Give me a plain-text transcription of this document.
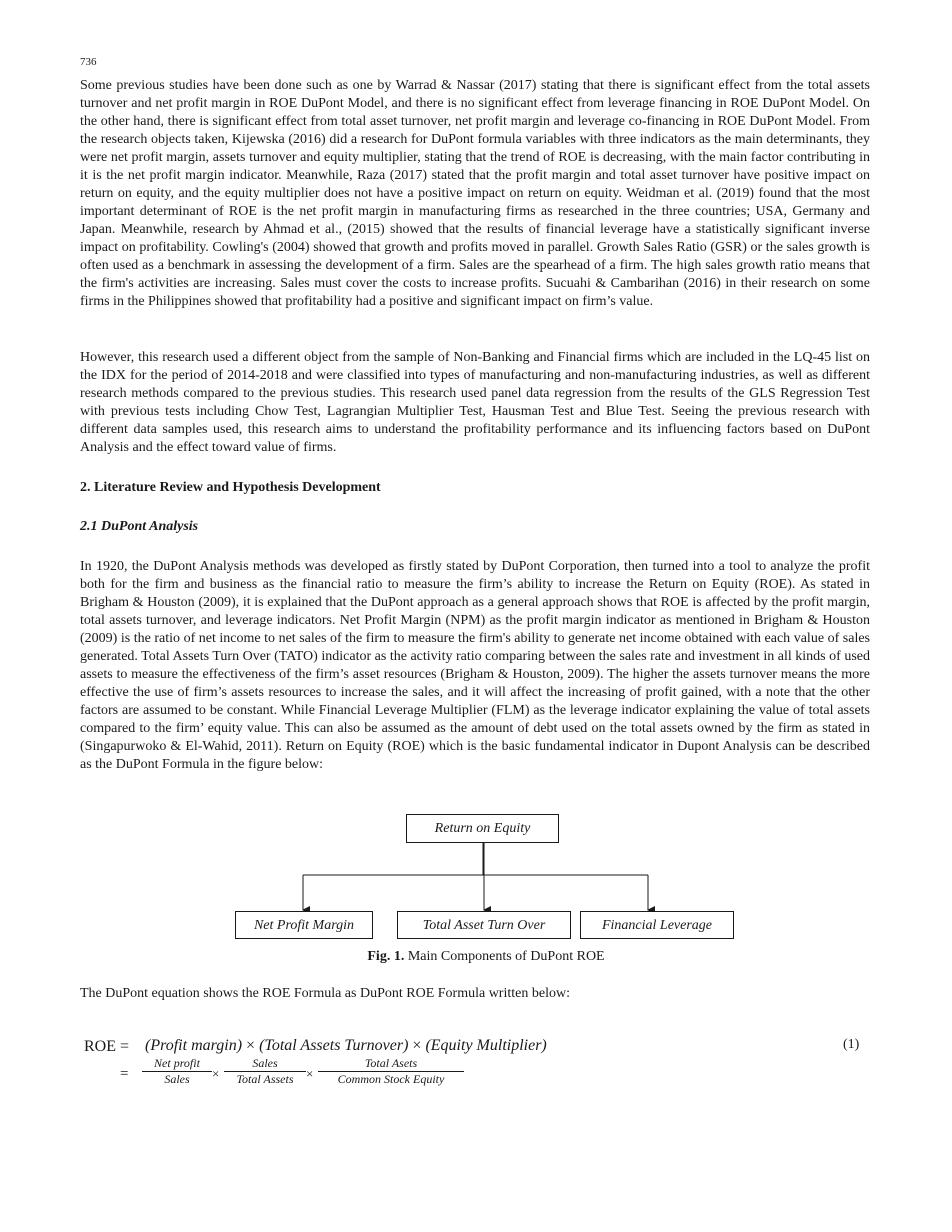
736

Some previous studies have been done such as one by Warrad & Nassar (2017) stating that there is significant effect from the total assets turnover and net profit margin in ROE DuPont Model, and there is no significant effect from leverage financing in ROE DuPont Model. On the other hand, there is significant effect from total asset turnover, net profit margin and leverage co-financing in ROE DuPont Model. From the research objects taken, Kijewska (2016) did a research for DuPont formula variables with three indicators as the main determinants, they were net profit margin, assets turnover and equity multiplier, stating that the trend of ROE is decreasing, with the main factor contributing in it is the net profit margin indicator. Meanwhile, Raza (2017) stated that the profit margin and total asset turnover have positive impact on return on equity, and the equity multiplier does not have a positive impact on return on equity. Weidman et al. (2019) found that the most important determinant of ROE is the net profit margin in manufacturing firms as researched in the three countries; USA, Germany and Japan. Meanwhile, research by Ahmad et al., (2015) showed that the results of financial leverage have a statistically significant inverse impact on profitability. Cowling's (2004) showed that growth and profits moved in parallel. Growth Sales Ratio (GSR) or the sales growth is often used as a benchmark in assessing the development of a firm. Sales are the spearhead of a firm. The high sales growth ratio means that the firm's activities are increasing. Sales must cover the costs to increase profits. Sucuahi & Cambarihan (2016) in their research on some firms in the Philippines showed that profitability had a positive and significant impact on firm’s value.

However, this research used a different object from the sample of Non-Banking and Financial firms which are included in the LQ-45 list on the IDX for the period of 2014-2018 and were classified into types of manufacturing and non-manufacturing industries, as well as different research methods compared to the previous studies. This research used panel data regression from the results of the GLS Regression Test with previous tests including Chow Test, Lagrangian Multiplier Test, Hausman Test and Blue Test. Seeing the previous research with different data samples used, this research aims to understand the profitability performance and its influencing factors based on DuPont Analysis and the effect toward value of firms.

2. Literature Review and Hypothesis Development
2.1 DuPont Analysis

In 1920, the DuPont Analysis methods was developed as firstly stated by DuPont Corporation, then turned into a tool to analyze the profit both for the firm and business as the financial ratio to measure the firm’s ability to increase the Return on Equity (ROE). As stated in Brigham & Houston (2009), it is explained that the DuPont approach as a general approach shows that ROE is affected by the profit margin, total assets turnover, and leverage indicators. Net Profit Margin (NPM) as the profit margin indicator as mentioned in Brigham & Houston (2009) is the ratio of net income to net sales of the firm to measure the firm's ability to generate net income obtained with each value of sales generated. Total Assets Turn Over (TATO) indicator as the activity ratio comparing between the sales rate and investment in all kinds of used assets to measure the effectiveness of the firm’s asset resources (Brigham & Houston, 2009). The higher the assets turnover means the more effective the use of firm’s assets resources to increase the sales, and it will affect the increasing of profit gained, with a note that the other factors are assumed to be constant. While Financial Leverage Multiplier (FLM) as the leverage indicator explaining the value of total assets compared to the firm’ equity value. This can also be assumed as the amount of debt used on the total assets owned by the firm as stated in (Singapurwoko & El-Wahid, 2011). Return on Equity (ROE) which is the basic fundamental indicator in Dupont Analysis can be described as the DuPont Formula in the figure below:

Return on Equity
Net Profit Margin	Total Asset Turn Over	Financial Leverage
Fig. 1. Main Components of DuPont ROE

The DuPont equation shows the ROE Formula as DuPont ROE Formula written below:

ROE = (Profit margin) × (Total Assets Turnover) × (Equity Multiplier)	(1)
=
Net profit
Sales	×
Sales
Total Assets ×
Total Asets
Common Stock Equity
